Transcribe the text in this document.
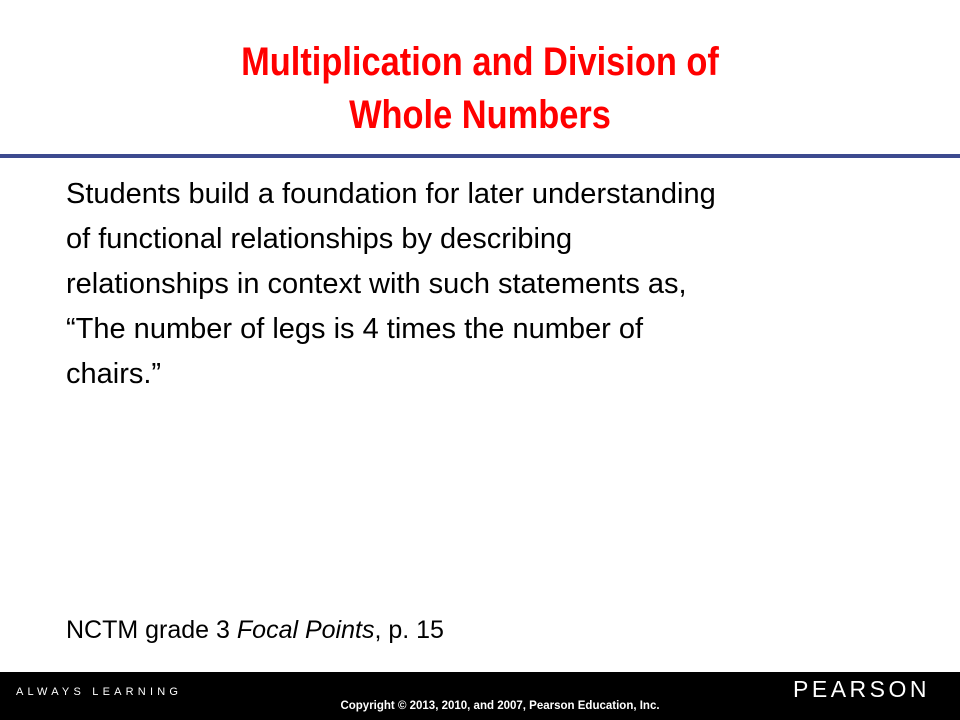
Multiplication and Division of
Whole Numbers

Students build a foundation for later understanding
of functional relationships by describing
relationships in context with such statements as,
“The number of legs is 4 times the number of
chairs.”

NCTM grade 3 Focal Points, p. 15

ALWAYS LEARNING
Copyright © 2013, 2010, and 2007, Pearson Education, Inc.
PEARSON
